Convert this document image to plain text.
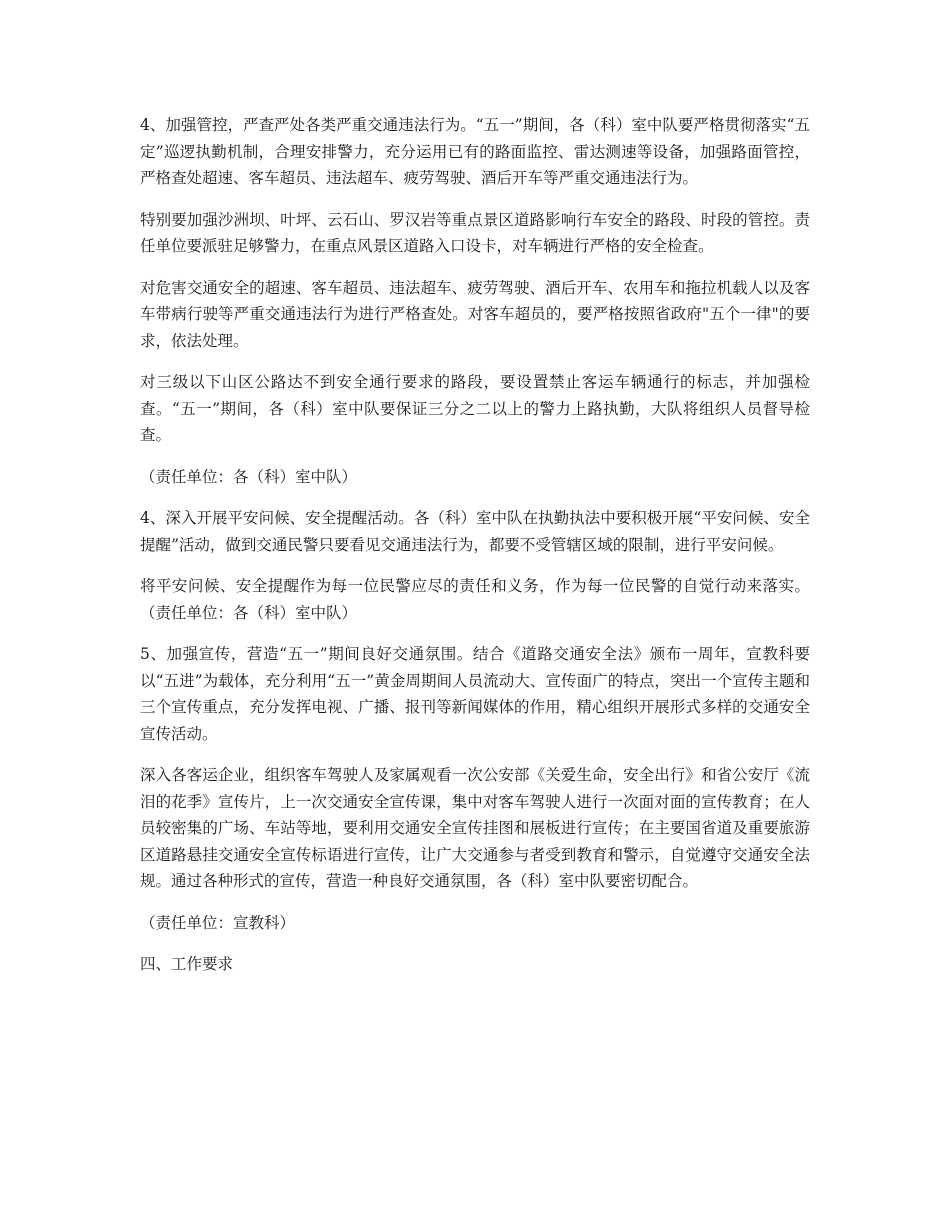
4、加强管控，严查严处各类严重交通违法行为。“五一”期间，各（科）室中队要严格贯彻落实“五定”巡逻执勤机制，合理安排警力，充分运用已有的路面监控、雷达测速等设备，加强路面管控，严格查处超速、客车超员、违法超车、疲劳驾驶、酒后开车等严重交通违法行为。

特别要加强沙洲坝、叶坪、云石山、罗汉岩等重点景区道路影响行车安全的路段、时段的管控。责任单位要派驻足够警力，在重点风景区道路入口设卡，对车辆进行严格的安全检查。

对危害交通安全的超速、客车超员、违法超车、疲劳驾驶、酒后开车、农用车和拖拉机载人以及客车带病行驶等严重交通违法行为进行严格查处。对客车超员的，要严格按照省政府"五个一律"的要求，依法处理。

对三级以下山区公路达不到安全通行要求的路段，要设置禁止客运车辆通行的标志，并加强检查。“五一”期间，各（科）室中队要保证三分之二以上的警力上路执勤，大队将组织人员督导检查。

（责任单位：各（科）室中队）

4、深入开展平安问候、安全提醒活动。各（科）室中队在执勤执法中要积极开展“平安问候、安全提醒”活动，做到交通民警只要看见交通违法行为，都要不受管辖区域的限制，进行平安问候。

将平安问候、安全提醒作为每一位民警应尽的责任和义务，作为每一位民警的自觉行动来落实。（责任单位：各（科）室中队）

5、加强宣传，营造“五一”期间良好交通氛围。结合《道路交通安全法》颁布一周年，宣教科要以“五进”为载体，充分利用“五一”黄金周期间人员流动大、宣传面广的特点，突出一个宣传主题和三个宣传重点，充分发挥电视、广播、报刊等新闻媒体的作用，精心组织开展形式多样的交通安全宣传活动。

深入各客运企业，组织客车驾驶人及家属观看一次公安部《关爱生命，安全出行》和省公安厅《流泪的花季》宣传片，上一次交通安全宣传课，集中对客车驾驶人进行一次面对面的宣传教育；在人员较密集的广场、车站等地，要利用交通安全宣传挂图和展板进行宣传；在主要国省道及重要旅游区道路悬挂交通安全宣传标语进行宣传，让广大交通参与者受到教育和警示，自觉遵守交通安全法规。通过各种形式的宣传，营造一种良好交通氛围，各（科）室中队要密切配合。

（责任单位：宣教科）

四、工作要求
